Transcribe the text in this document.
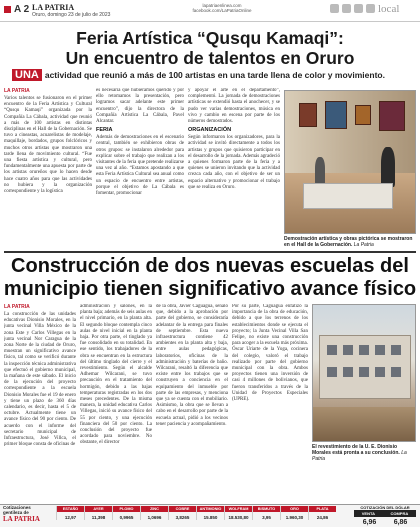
A 2 LA PATRIA
Oruro, domingo 23 de julio de 2023
lapatriaenlinea.com
facebook.com/LaPatriaOnline	local
Feria Artística “Qusqu Kamaqi”:
Un encuentro de talentos en Oruro
UNA actividad que reunió a más de 100 artistas en una tarde llena de color y movimiento.
LA PATRIA
Varios talentos se fusionaron en el primer encuentro de la Feria Artística y Cultural “Qusqu Kamaqi” organizada por la Compañía La Cábala, actividad que reunió a más de 100 artistas en distintas disciplinas en el Hall de la Gobernación. Se tuvo a cineastas, acuarelistas de modelaje, maquillaje, bordados, grupos folclóricos y muchos otros artistas que mostraron una tarde llena de movimiento cultural. “Fue una fiesta artística y cultural, pero fundamentalmente una apuesta por parte de los artistas orureños que lo hacen desde hace cuatro años para que las actividades no hubiera y la organización correspondiente y la logística
es necesaria que hubiéramos querido y por ello retomamos la presentación, pero logramos sacar adelante este primer encuentro”, dijo la directora de la Compañía Artística La Cábala, Pavel Alcantar.
FERIA
Además de demostraciones en el escenario central, también se exhibieron obras de otros grupos: se instalaron alrededor para explicar sobre el trabajo que realizan a los visitantes de la feria que pretende realizarse una vez al año. “Estamos apostando a que esta Feria Artística Cultural sea anual como un espacio de encuentro entre artistas, porque el objetivo de La Cábala es fomentar, promocionar
y apoyar el arte en el departamento”, complementó. La jornada de demostraciones artísticas se extendió hasta el anochecer, y se pudo ver varias demostraciones, música en vivo y cambio en escena por parte de los números demostrados.
ORGANIZACIÓN
Según informaron los organizadores, para la actividad se invitó directamente a todos los artistas y grupos que quisieron participar en el desarrollo de la jornada. Además agradeció a quienes formaron parte de la feria y a quienes se unieron invitando que la actividad crezca cada año, con el objetivo de ser un espacio alternativo y promocionar el trabajo que se realiza en Oruro.
Demostración artística y obras pictórica se mostraron en el Hall de la Gobernación. La Patria
Construcción de dos nuevas escuelas del
municipio tienen significativo avance físico
LA PATRIA
La construcción de las unidades educativas Dionisio Morales, en la junta vecinal Villa México de la zona Este y Carlos Villegas en la junta vecinal Nor Caragua de la zona Norte de la ciudad de Oruro, muestran un significativo avance físico, tal como se verificó durante la inspección técnica administrativa que efectuó el gobierno municipal, la mañana de este sábado. El inicio de la ejecución del proyecto correspondiente a la escuela Dionisio Morales fue el 19 de enero y tiene un plazo de 360 días calendario, es decir, hasta el 5 de octubre. Actualmente tiene un avance físico del 90 por ciento. De acuerdo con el informe del secretario municipal de Infraestructura, José Villca, el primer bloque consta de oficinas de
administración y salones, en la planta baja; además de seis aulas en el nivel primario, en la planta alta. El segundo bloque contempla cinco aulas de nivel inicial en la planta baja. Por otra parte, el tinglado ya fue consolidado en su totalidad. En ese sentido, los trabajadores de la obra se encuentran en la estructura del último tinglado del cierre y el revestimiento. Según el alcalde Adhemar Wilcarani, se tuvo precaución en el tratamiento del hormigón, debido a las bajas temperaturas registradas en los dos meses precedentes. De la misma manera, la unidad educativa Carlos Villegas, inició su avance físico del 55 por ciento, y una ejecución financiera del 50 por ciento. La conclusión del proyecto fue acordado para noviembre. No obstante, el director
de la obra, Javier Caguagua, señaló que, debido a la aprobación por parte del gobierno, se consideraría adelantar de la entrega para finales de septiembre. Esta nueva infraestructura contiene 42 ambientes en la planta alta y baja, entre aulas pedagógicas, laboratorios, oficinas de la administración y baterías de baño. Wilcarani, resaltó la diferencia que existe entre los trabajos que se construyen a conciencia en el equipamiento del inmueble por parte de las empresas, y menciona que ya se cuenta con el mobiliario. Asimismo, la obra que se llevan a cabo en el desarrollo por parte de la escuela actual, pidió a los vecinos tener paciencia y acompañamiento.
Por su parte, Caguagua enfatizó la importancia de la obra de educación, debido a que los terrenos de los establecimientos donde se ejecuta el proyecto; la Junta Vecinal Villa San Felipe, no existe una construcción para acoger a la escuela más próxima. Óscar Uriarte de la Yoga, cocinera del colegio, valoró el trabajo realizado por parte del gobierno municipal con la obra. Ambos proyectos tienen una inversión de casi 4 millones de bolivianos, que fueron transferidos a través de la Unidad de Proyectos Especiales (UPRE).
El revestimiento de la U. E. Dionisio Morales está pronta a su conclusión. La Patria
Cotizaciones gentileza de
LA PATRIA
ESTAÑO
12,97
AYER
11,398
PLOMO
0,9965
ZINC
1,0696
COBRE
3,8265
ANTIMONIO
15.850
WOLFRAM
18.530,80
BISMUTO
3,95
ORO
1.960,30
PLATA
24,86
COTIZACIÓN DEL DÓLAR
VENTA	COMPRA
6,96 6,86
